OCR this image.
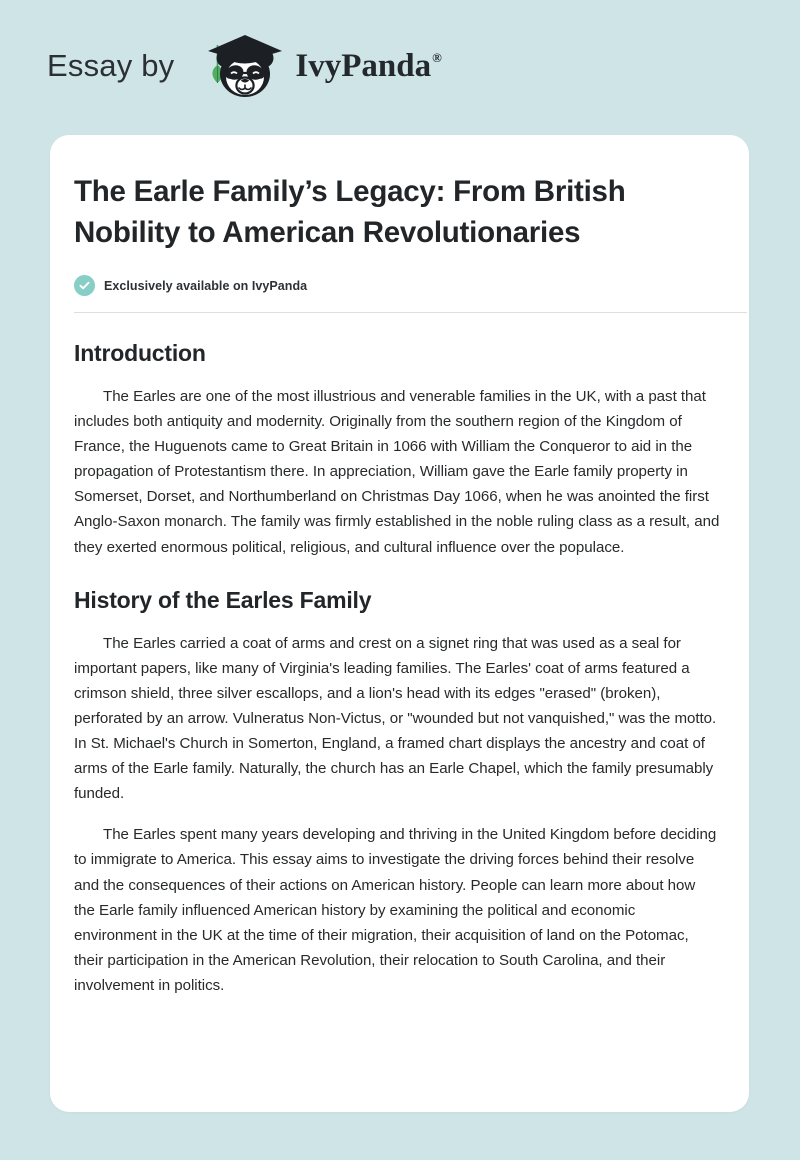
Essay by	IvyPanda®
The Earle Family’s Legacy: From British Nobility to American Revolutionaries
Exclusively available on IvyPanda
Introduction

The Earles are one of the most illustrious and venerable families in the UK, with a past that includes both antiquity and modernity. Originally from the southern region of the Kingdom of France, the Huguenots came to Great Britain in 1066 with William the Conqueror to aid in the propagation of Protestantism there. In appreciation, William gave the Earle family property in Somerset, Dorset, and Northumberland on Christmas Day 1066, when he was anointed the first Anglo-Saxon monarch. The family was firmly established in the noble ruling class as a result, and they exerted enormous political, religious, and cultural influence over the populace.

History of the Earles Family

The Earles carried a coat of arms and crest on a signet ring that was used as a seal for important papers, like many of Virginia's leading families. The Earles' coat of arms featured a crimson shield, three silver escallops, and a lion's head with its edges "erased" (broken), perforated by an arrow. Vulneratus Non-Victus, or "wounded but not vanquished," was the motto. In St. Michael's Church in Somerton, England, a framed chart displays the ancestry and coat of arms of the Earle family. Naturally, the church has an Earle Chapel, which the family presumably funded.

The Earles spent many years developing and thriving in the United Kingdom before deciding to immigrate to America. This essay aims to investigate the driving forces behind their resolve and the consequences of their actions on American history. People can learn more about how the Earle family influenced American history by examining the political and economic environment in the UK at the time of their migration, their acquisition of land on the Potomac, their participation in the American Revolution, their relocation to South Carolina, and their involvement in politics.
